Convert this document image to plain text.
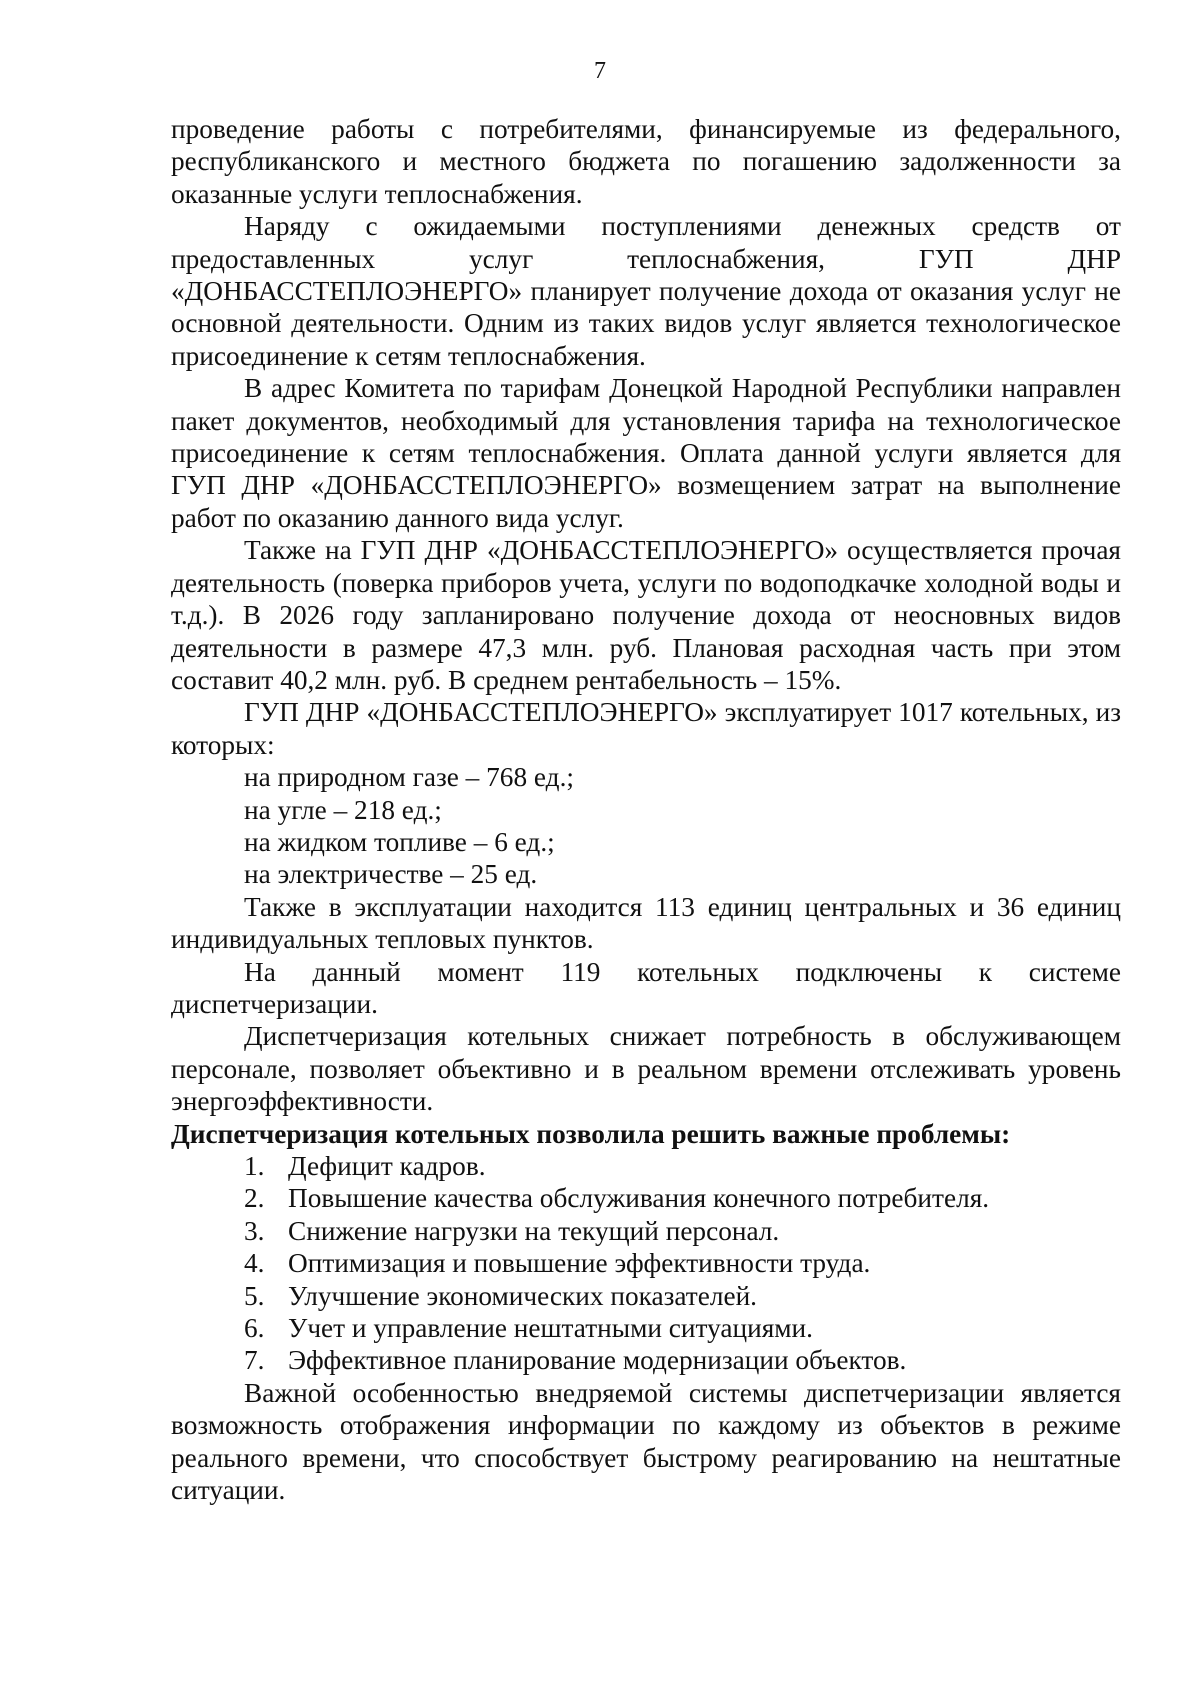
7

проведение работы с потребителями, финансируемые из федерального, республиканского и местного бюджета по погашению задолженности за оказанные услуги теплоснабжения.

Наряду с ожидаемыми поступлениями денежных средств от предоставленных услуг теплоснабжения, ГУП ДНР «ДОНБАССТЕПЛОЭНЕРГО» планирует получение дохода от оказания услуг не основной деятельности. Одним из таких видов услуг является технологическое присоединение к сетям теплоснабжения.

В адрес Комитета по тарифам Донецкой Народной Республики направлен пакет документов, необходимый для установления тарифа на технологическое присоединение к сетям теплоснабжения. Оплата данной услуги является для ГУП ДНР «ДОНБАССТЕПЛОЭНЕРГО» возмещением затрат на выполнение работ по оказанию данного вида услуг.

Также на ГУП ДНР «ДОНБАССТЕПЛОЭНЕРГО» осуществляется прочая деятельность (поверка приборов учета, услуги по водоподкачке холодной воды и т.д.). В 2026 году запланировано получение дохода от неосновных видов деятельности в размере 47,3 млн. руб. Плановая расходная часть при этом составит 40,2 млн. руб. В среднем рентабельность – 15%.

ГУП ДНР «ДОНБАССТЕПЛОЭНЕРГО» эксплуатирует 1017 котельных, из которых:

на природном газе – 768 ед.;

на угле – 218 ед.;

на жидком топливе – 6 ед.;

на электричестве – 25 ед.

Также в эксплуатации находится 113 единиц центральных и 36 единиц индивидуальных тепловых пунктов.

На данный момент 119 котельных подключены к системе диспетчеризации.

Диспетчеризация котельных снижает потребность в обслуживающем персонале, позволяет объективно и в реальном времени отслеживать уровень энергоэффективности.

Диспетчеризация котельных позволила решить важные проблемы:

1. Дефицит кадров.
2. Повышение качества обслуживания конечного потребителя.
3. Снижение нагрузки на текущий персонал.
4. Оптимизация и повышение эффективности труда.
5. Улучшение экономических показателей.
6. Учет и управление нештатными ситуациями.
7. Эффективное планирование модернизации объектов.

Важной особенностью внедряемой системы диспетчеризации является возможность отображения информации по каждому из объектов в режиме реального времени, что способствует быстрому реагированию на нештатные ситуации.
